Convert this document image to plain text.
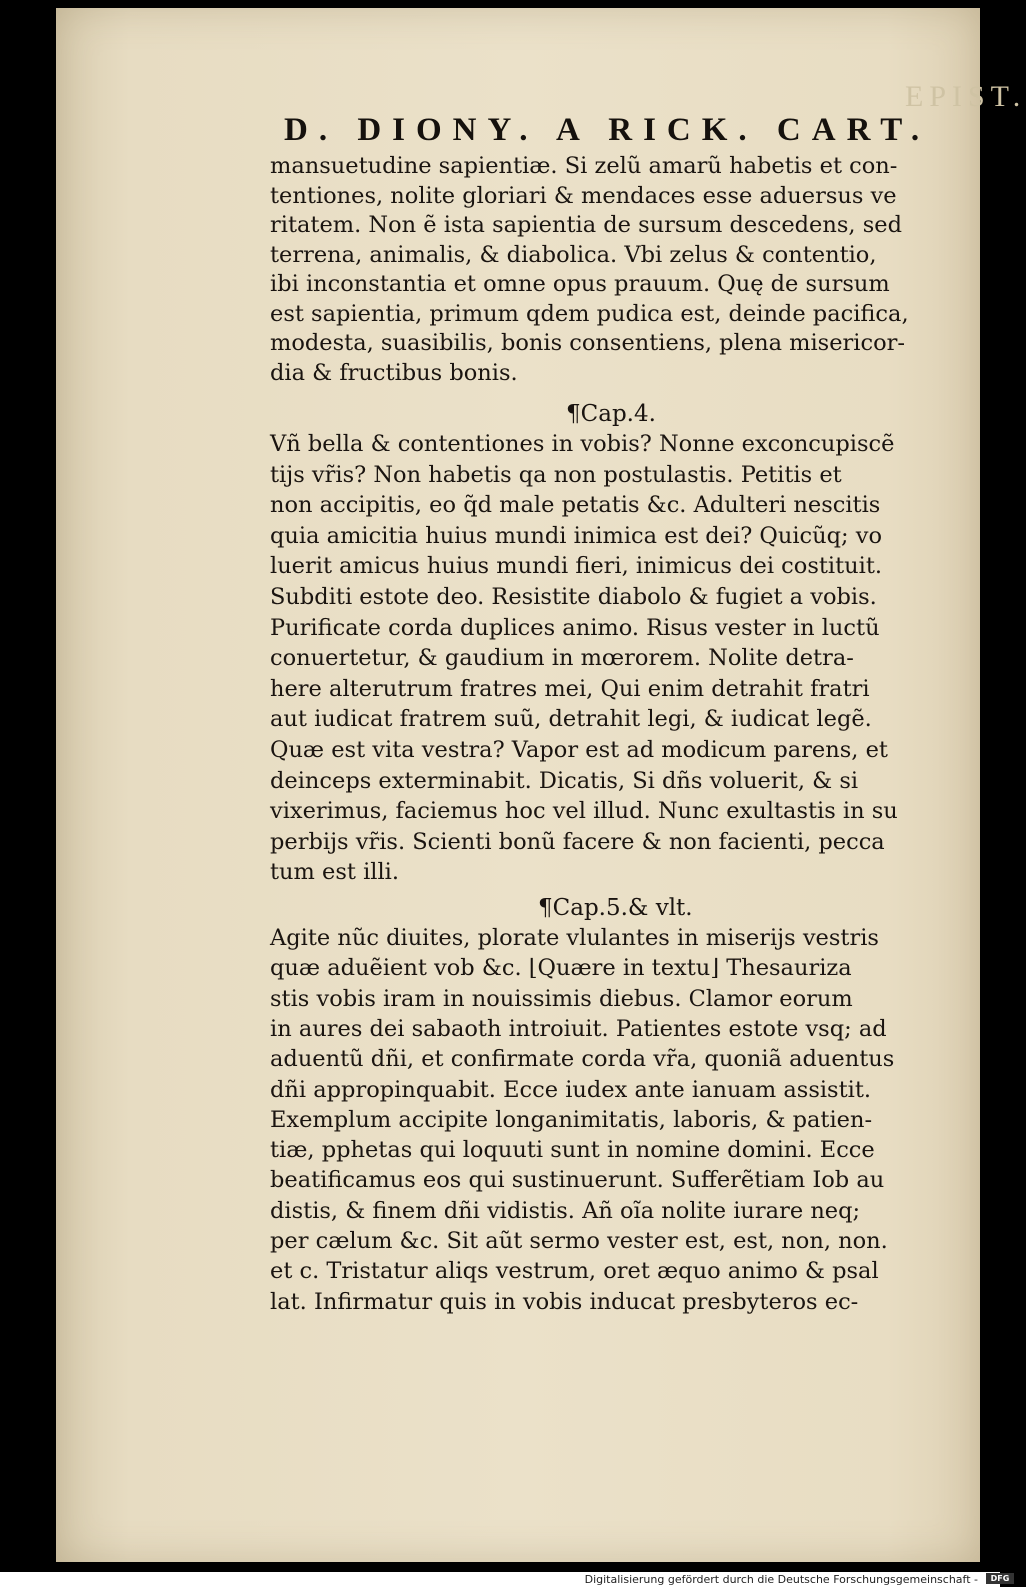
EPIST.
D. DIONY. A RICK. CART.
mansuetudine sapientiæ. Si zelũ amarũ habetis et con-
tentiones, nolite gloriari & mendaces esse aduersus ve
ritatem. Non ẽ ista sapientia de sursum descedens, sed
terrena, animalis, & diabolica. Vbi zelus & contentio,
ibi inconstantia et omne opus prauum. Quę de sursum
est sapientia, primum qdem pudica est, deinde pacifica,
modesta, suasibilis, bonis consentiens, plena misericor-
dia & fructibus bonis.
¶Cap.4.
Vñ bella & contentiones in vobis? Nonne exconcupiscẽ
tijs vr̃is? Non habetis qa non postulastis. Petitis et
non accipitis, eo q̃d male petatis &c. Adulteri nescitis
quia amicitia huius mundi inimica est dei? Quicũq; vo
luerit amicus huius mundi fieri, inimicus dei costituit.
Subditi estote deo. Resistite diabolo & fugiet a vobis.
Purificate corda duplices animo. Risus vester in luctũ
conuertetur, & gaudium in mœrorem. Nolite detra-
here alterutrum fratres mei, Qui enim detrahit fratri
aut iudicat fratrem suũ, detrahit legi, & iudicat legẽ.
Quæ est vita vestra? Vapor est ad modicum parens, et
deinceps exterminabit. Dicatis, Si dñs voluerit, & si
vixerimus, faciemus hoc vel illud. Nunc exultastis in su
perbijs vr̃is. Scienti bonũ facere & non facienti, pecca
tum est illi.
¶Cap.5.& vlt.
Agite nũc diuites, plorate vlulantes in miserijs vestris
quæ aduẽient vob &c. ⌊Quære in textu⌋ Thesauriza
stis vobis iram in nouissimis diebus. Clamor eorum
in aures dei sabaoth introiuit. Patientes estote vsq; ad
aduentũ dñi, et confirmate corda vr̃a, quoniã aduentus
dñi appropinquabit. Ecce iudex ante ianuam assistit.
Exemplum accipite longanimitatis, laboris, & patien-
tiæ, pphetas qui loquuti sunt in nomine domini. Ecce
beatificamus eos qui sustinuerunt. Sufferẽtiam Iob au
distis, & finem dñi vidistis. Añ oĩa nolite iurare neq;
per cælum &c. Sit aũt sermo vester est, est, non, non.
et c. Tristatur aliqs vestrum, oret æquo animo & psal
lat. Infirmatur quis in vobis inducat presbyteros ec-
Digitalisierung gefördert durch die Deutsche Forschungsgemeinschaft -	DFG
